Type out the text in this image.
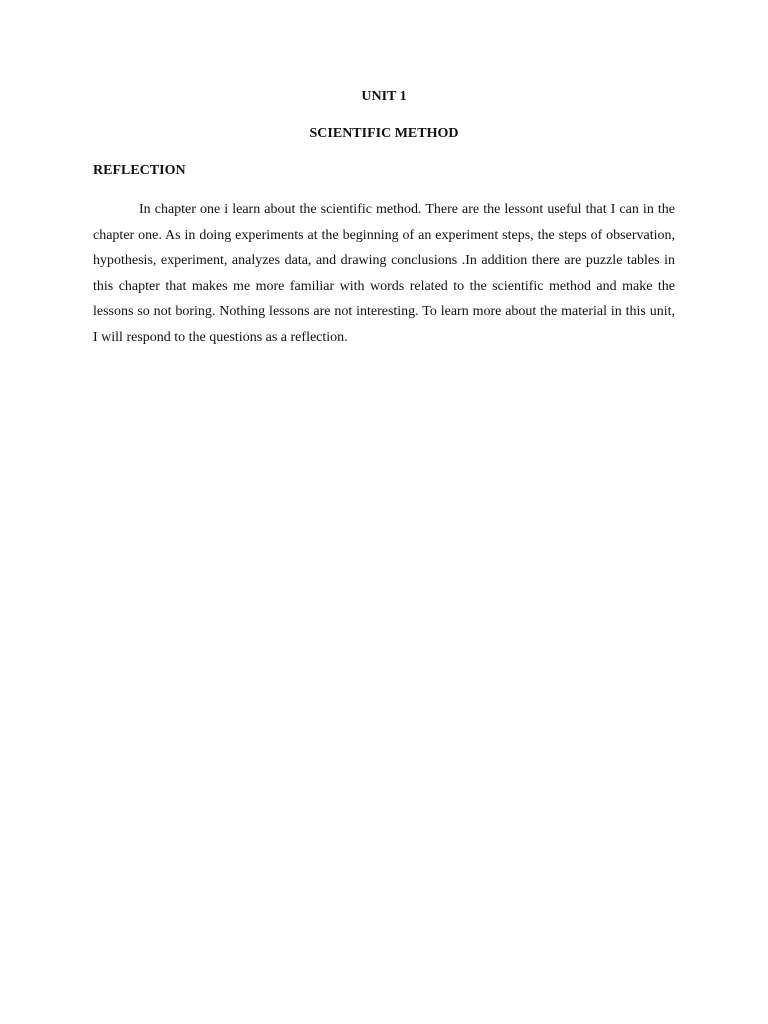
UNIT 1
SCIENTIFIC METHOD
REFLECTION

In chapter one i learn about the scientific method. There are the lessont useful that I can in the chapter one. As in doing experiments at the beginning of an experiment steps, the steps of observation, hypothesis, experiment, analyzes data, and drawing conclusions .In addition there are puzzle tables in this chapter that makes me more familiar with words related to the scientific method and make the lessons so not boring. Nothing lessons are not interesting. To learn more about the material in this unit, I will respond to the questions as a reflection.
